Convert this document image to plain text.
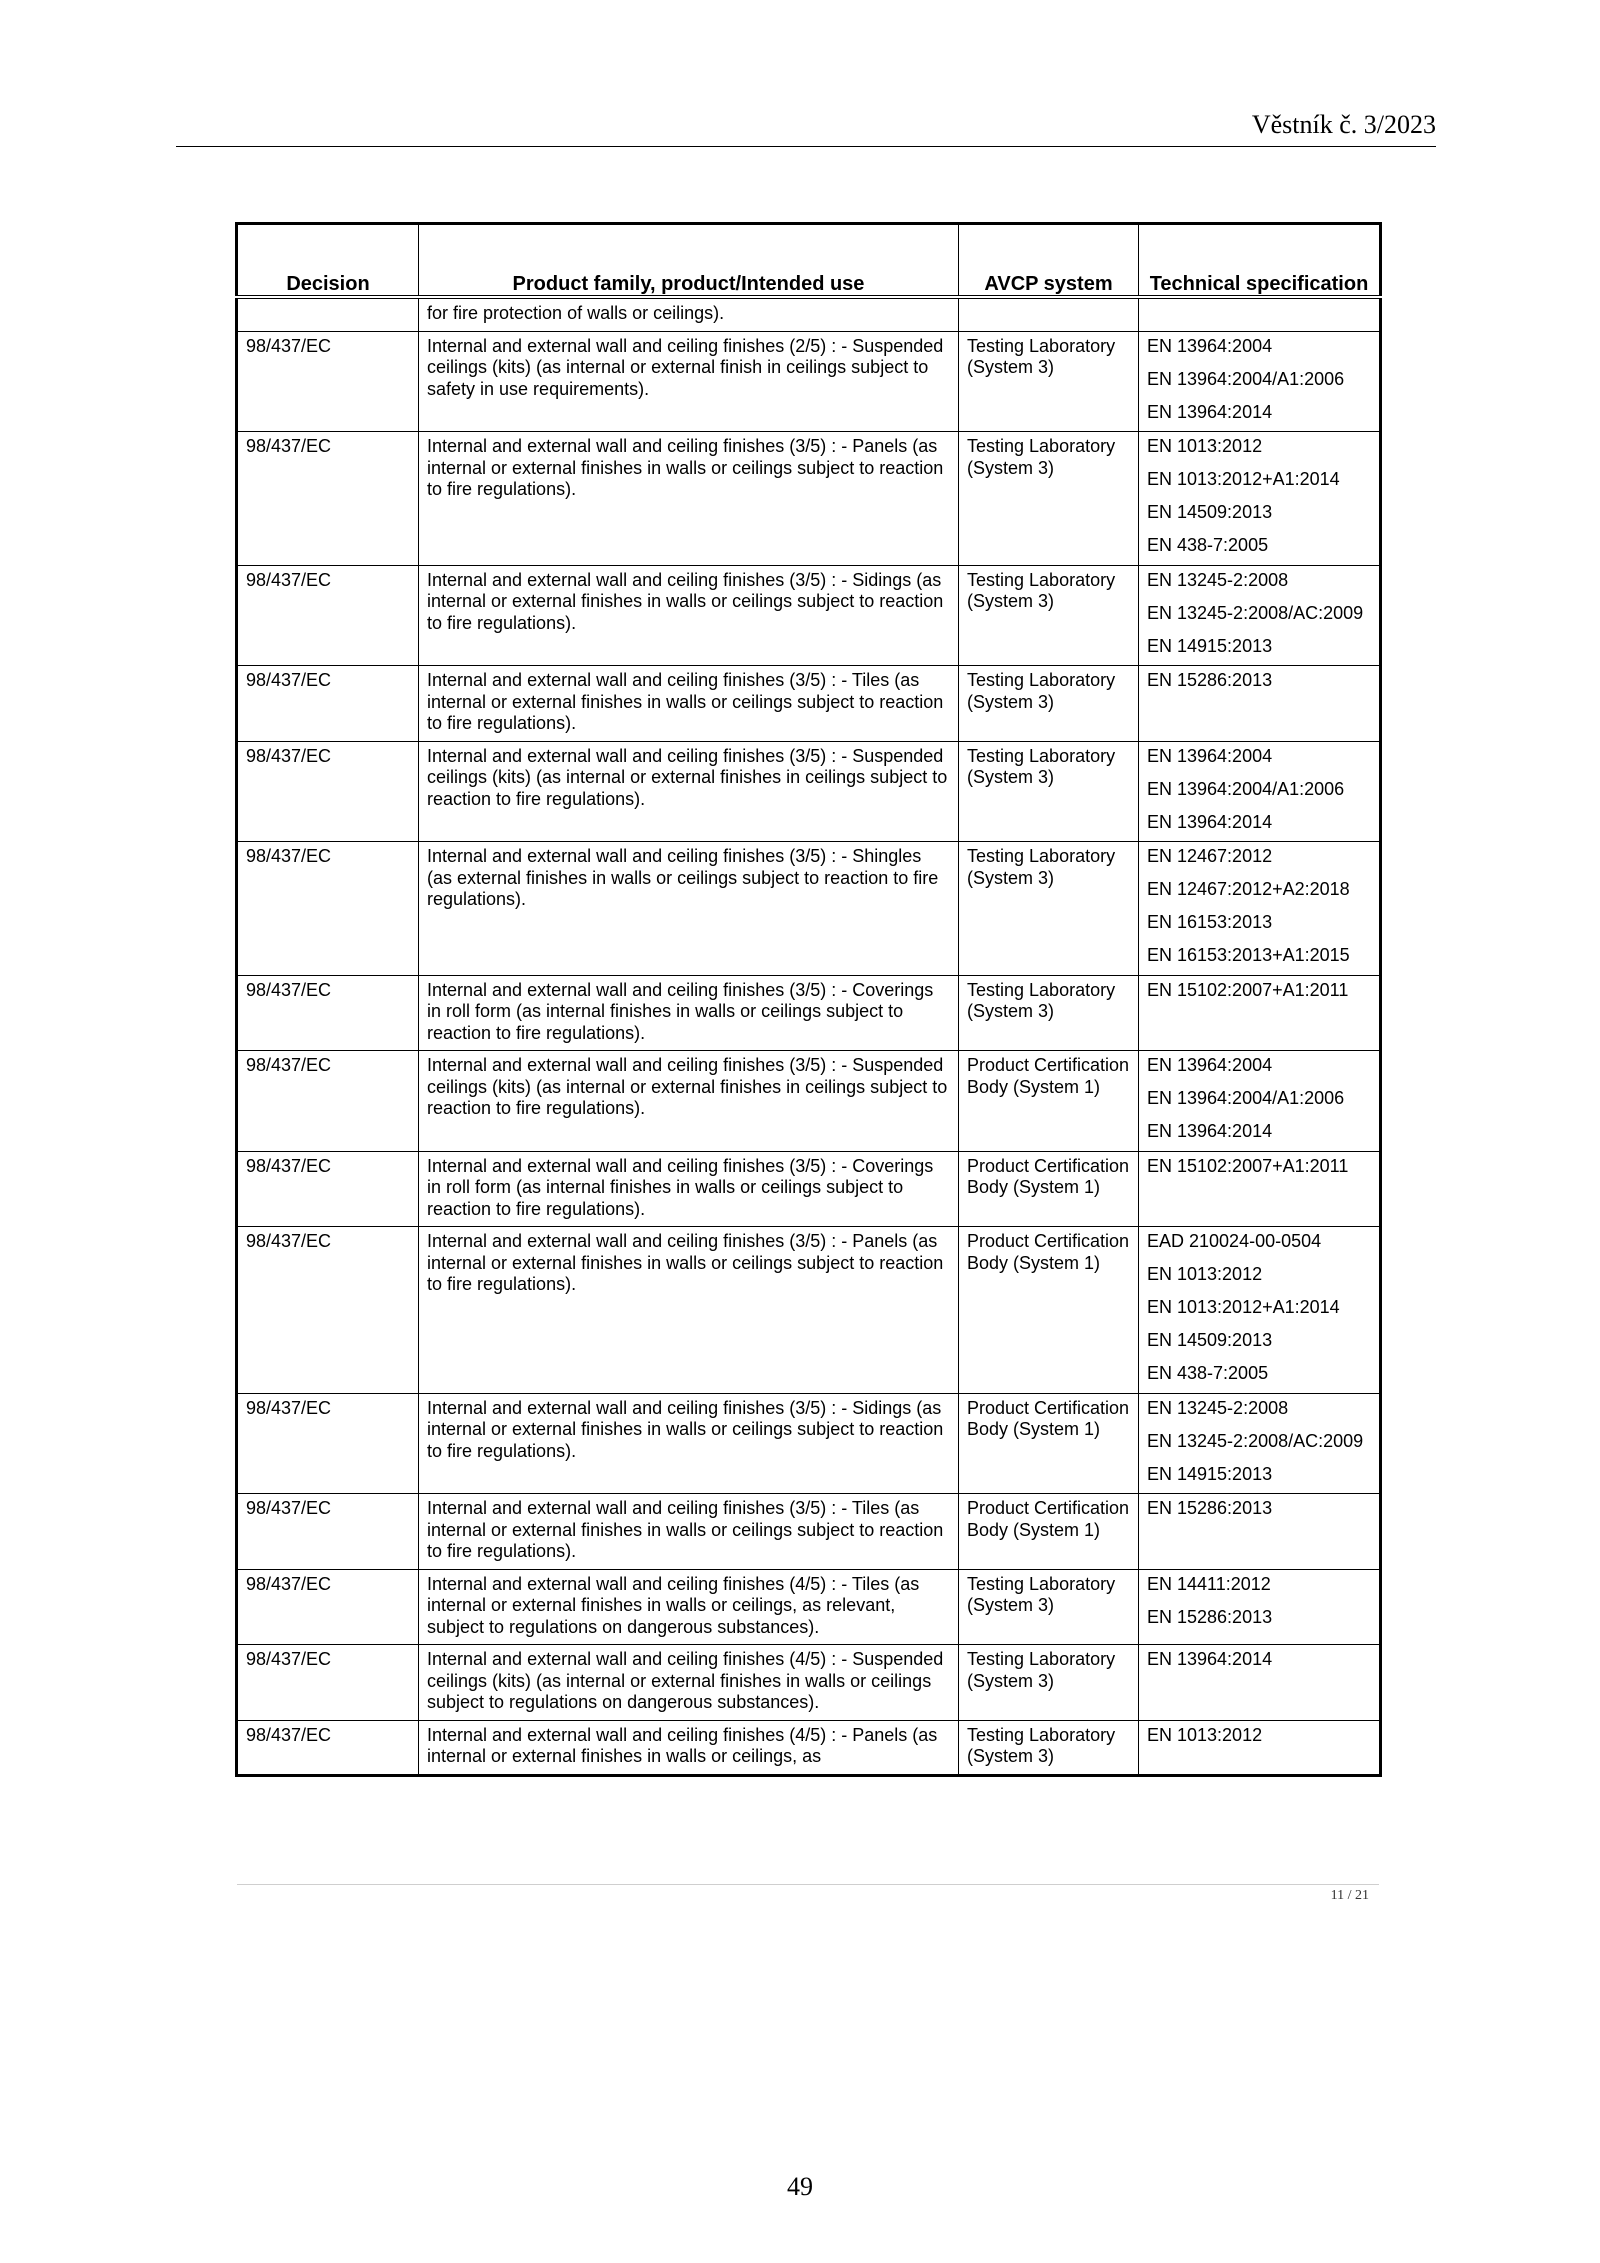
Věstník č. 3/2023
Decision	Product family, product/Intended use	AVCP system	Technical specification
	for fire protection of walls or ceilings).		
98/437/EC	Internal and external wall and ceiling finishes (2/5) : - Suspended ceilings (kits) (as internal or external finish in ceilings subject to safety in use requirements).	Testing Laboratory (System 3)	EN 13964:2004
EN 13964:2004/A1:2006
EN 13964:2014

98/437/EC	Internal and external wall and ceiling finishes (3/5) : - Panels (as internal or external finishes in walls or ceilings subject to reaction to fire regulations).	Testing Laboratory (System 3)	EN 1013:2012
EN 1013:2012+A1:2014
EN 14509:2013
EN 438-7:2005

98/437/EC	Internal and external wall and ceiling finishes (3/5) : - Sidings (as internal or external finishes in walls or ceilings subject to reaction to fire regulations).	Testing Laboratory (System 3)	EN 13245-2:2008
EN 13245-2:2008/AC:2009
EN 14915:2013

98/437/EC	Internal and external wall and ceiling finishes (3/5) : - Tiles (as internal or external finishes in walls or ceilings subject to reaction to fire regulations).	Testing Laboratory (System 3)	EN 15286:2013

98/437/EC	Internal and external wall and ceiling finishes (3/5) : - Suspended ceilings (kits) (as internal or external finishes in ceilings subject to reaction to fire regulations).	Testing Laboratory (System 3)	EN 13964:2004
EN 13964:2004/A1:2006
EN 13964:2014

98/437/EC	Internal and external wall and ceiling finishes (3/5) : - Shingles (as external finishes in walls or ceilings subject to reaction to fire regulations).	Testing Laboratory (System 3)	EN 12467:2012
EN 12467:2012+A2:2018
EN 16153:2013
EN 16153:2013+A1:2015

98/437/EC	Internal and external wall and ceiling finishes (3/5) : - Coverings in roll form (as internal finishes in walls or ceilings subject to reaction to fire regulations).	Testing Laboratory (System 3)	EN 15102:2007+A1:2011

98/437/EC	Internal and external wall and ceiling finishes (3/5) : - Suspended ceilings (kits) (as internal or external finishes in ceilings subject to reaction to fire regulations).	Product Certification Body (System 1)	EN 13964:2004
EN 13964:2004/A1:2006
EN 13964:2014

98/437/EC	Internal and external wall and ceiling finishes (3/5) : - Coverings in roll form (as internal finishes in walls or ceilings subject to reaction to fire regulations).	Product Certification Body (System 1)	EN 15102:2007+A1:2011

98/437/EC	Internal and external wall and ceiling finishes (3/5) : - Panels (as internal or external finishes in walls or ceilings subject to reaction to fire regulations).	Product Certification Body (System 1)	EAD 210024-00-0504
EN 1013:2012
EN 1013:2012+A1:2014
EN 14509:2013
EN 438-7:2005

98/437/EC	Internal and external wall and ceiling finishes (3/5) : - Sidings (as internal or external finishes in walls or ceilings subject to reaction to fire regulations).	Product Certification Body (System 1)	EN 13245-2:2008
EN 13245-2:2008/AC:2009
EN 14915:2013

98/437/EC	Internal and external wall and ceiling finishes (3/5) : - Tiles (as internal or external finishes in walls or ceilings subject to reaction to fire regulations).	Product Certification Body (System 1)	EN 15286:2013

98/437/EC	Internal and external wall and ceiling finishes (4/5) : - Tiles (as internal or external finishes in walls or ceilings, as relevant, subject to regulations on dangerous substances).	Testing Laboratory (System 3)	EN 14411:2012
EN 15286:2013

98/437/EC	Internal and external wall and ceiling finishes (4/5) : - Suspended ceilings (kits) (as internal or external finishes in walls or ceilings subject to regulations on dangerous substances).	Testing Laboratory (System 3)	EN 13964:2014

98/437/EC	Internal and external wall and ceiling finishes (4/5) : - Panels (as internal or external finishes in walls or ceilings, as	Testing Laboratory (System 3)	EN 1013:2012
11 / 21
49
